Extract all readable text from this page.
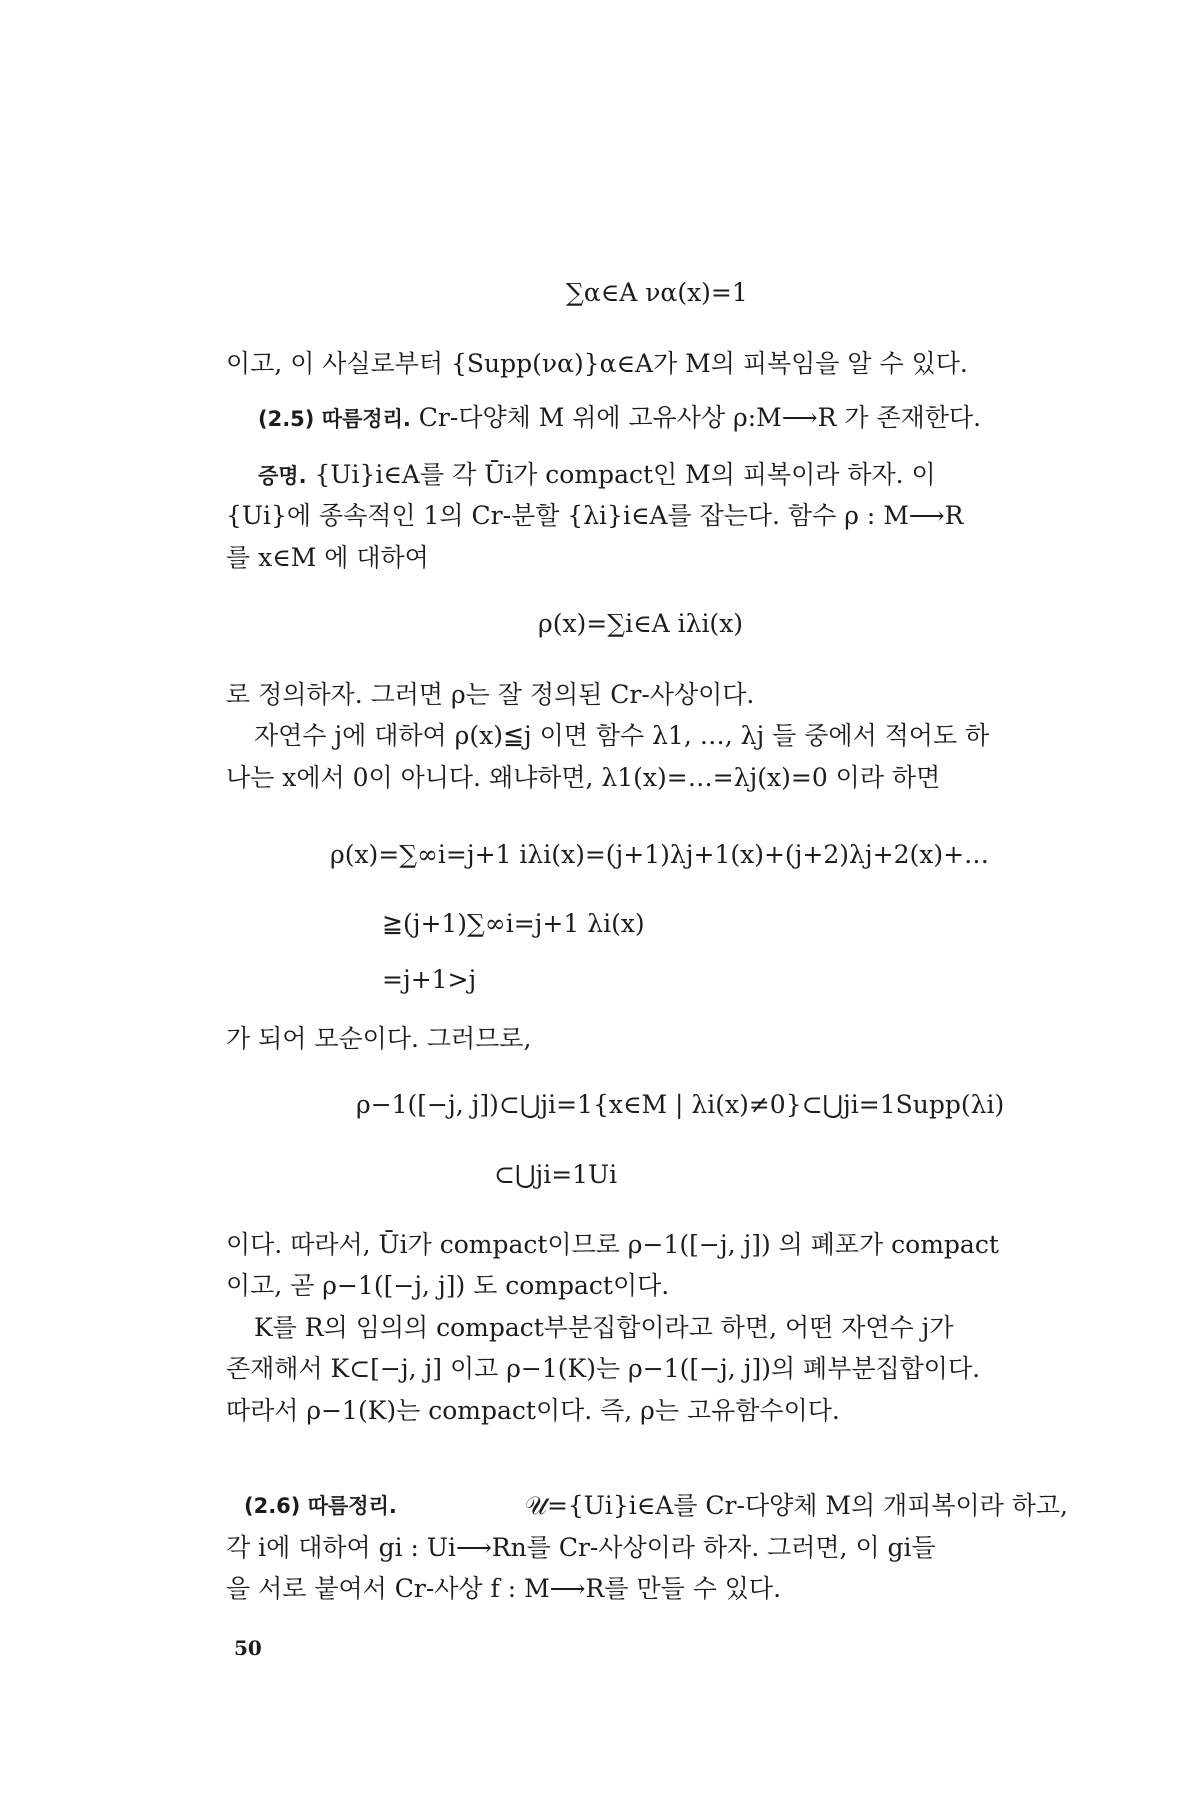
∑α∈A να(x)=1
이고, 이 사실로부터 {Supp(να)}α∈A가 M의 피복임을 알 수 있다.
(2.5) 따름정리. Cr-다양체 M 위에 고유사상 ρ:M⟶R 가 존재한다.
증명. {Ui}i∈A를 각 Ūi가 compact인 M의 피복이라 하자. 이
{Ui}에 종속적인 1의 Cr-분할 {λi}i∈A를 잡는다. 함수 ρ : M⟶R
를 x∈M 에 대하여
ρ(x)=∑i∈A iλi(x)
로 정의하자. 그러면 ρ는 잘 정의된 Cr-사상이다.
자연수 j에 대하여 ρ(x)≦j 이면 함수 λ1, …, λj 들 중에서 적어도 하
나는 x에서 0이 아니다. 왜냐하면, λ1(x)=…=λj(x)=0 이라 하면
ρ(x)=∑∞i=j+1 iλi(x)=(j+1)λj+1(x)+(j+2)λj+2(x)+…
≧(j+1)∑∞i=j+1 λi(x)
=j+1>j
가 되어 모순이다. 그러므로,
ρ−1([−j, j])⊂⋃ji=1{x∈M | λi(x)≠0}⊂⋃ji=1Supp(λi)
⊂⋃ji=1Ui
이다. 따라서, Ūi가 compact이므로 ρ−1([−j, j]) 의 폐포가 compact
이고, 곧 ρ−1([−j, j]) 도 compact이다.
K를 R의 임의의 compact부분집합이라고 하면, 어떤 자연수 j가
존재해서 K⊂[−j, j] 이고 ρ−1(K)는 ρ−1([−j, j])의 폐부분집합이다.
따라서 ρ−1(K)는 compact이다. 즉, ρ는 고유함수이다.
(2.6) 따름정리.	𝒰={Ui}i∈A를 Cr-다양체 M의 개피복이라 하고,
각 i에 대하여 gi : Ui⟶Rn를 Cr-사상이라 하자. 그러면, 이 gi들
을 서로 붙여서 Cr-사상 f : M⟶R를 만들 수 있다.
50
